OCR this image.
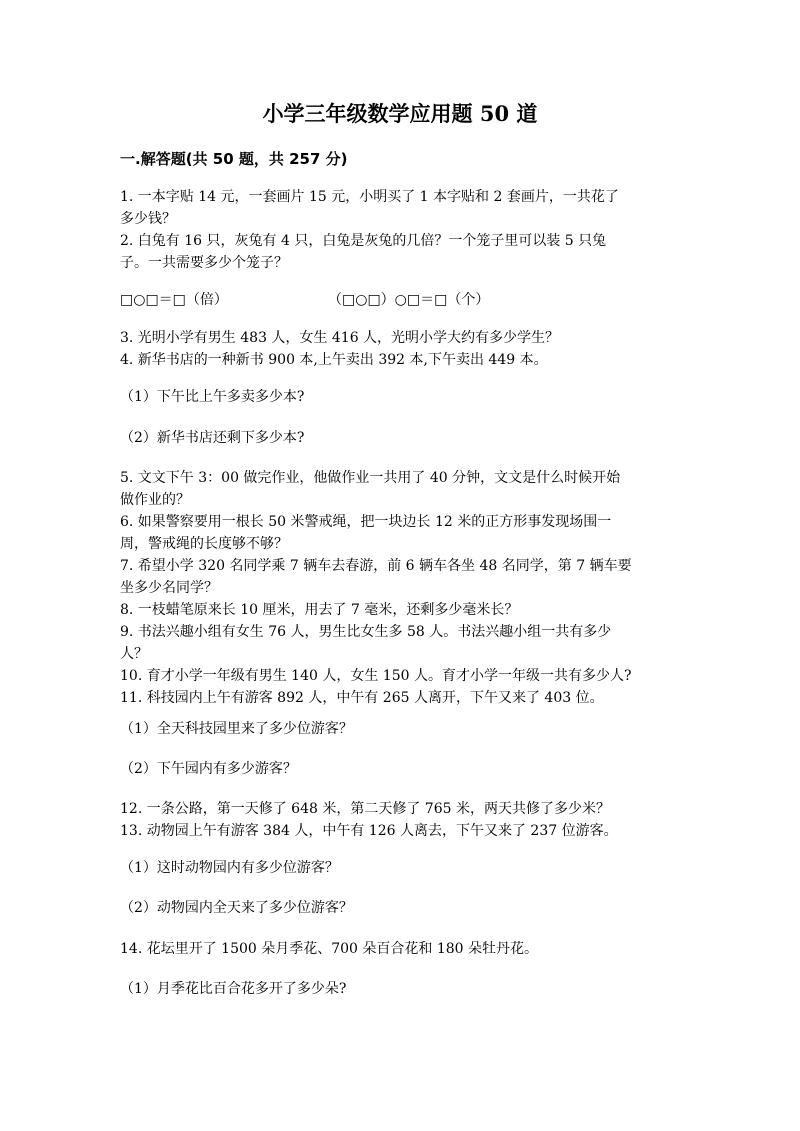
小学三年级数学应用题 50 道
一.解答题(共 50 题，共 257 分)
1. 一本字贴 14 元，一套画片 15 元，小明买了 1 本字贴和 2 套画片，一共花了
多少钱？
2. 白兔有 16 只，灰兔有 4 只，白兔是灰兔的几倍？一个笼子里可以装 5 只兔
子。一共需要多少个笼子？
□○□＝□（倍）	（□○□）○□＝□（个）
3. 光明小学有男生 483 人，女生 416 人，光明小学大约有多少学生？
4. 新华书店的一种新书 900 本,上午卖出 392 本,下午卖出 449 本。
（1）下午比上午多卖多少本?
（2）新华书店还剩下多少本?
5. 文文下午 3：00 做完作业，他做作业一共用了 40 分钟，文文是什么时候开始
做作业的？
6. 如果警察要用一根长 50 米警戒绳，把一块边长 12 米的正方形事发现场围一
周，警戒绳的长度够不够？
7. 希望小学 320 名同学乘 7 辆车去春游，前 6 辆车各坐 48 名同学，第 7 辆车要
坐多少名同学？
8. 一枝蜡笔原来长 10 厘米，用去了 7 毫米，还剩多少毫米长？
9. 书法兴趣小组有女生 76 人，男生比女生多 58 人。书法兴趣小组一共有多少
人？
10. 育才小学一年级有男生 140 人，女生 150 人。育才小学一年级一共有多少人?
11. 科技园内上午有游客 892 人，中午有 265 人离开，下午又来了 403 位。
（1）全天科技园里来了多少位游客？
（2）下午园内有多少游客？
12. 一条公路，第一天修了 648 米，第二天修了 765 米，两天共修了多少米？
13. 动物园上午有游客 384 人，中午有 126 人离去，下午又来了 237 位游客。
（1）这时动物园内有多少位游客？
（2）动物园内全天来了多少位游客？
14. 花坛里开了 1500 朵月季花、700 朵百合花和 180 朵牡丹花。
（1）月季花比百合花多开了多少朵?
